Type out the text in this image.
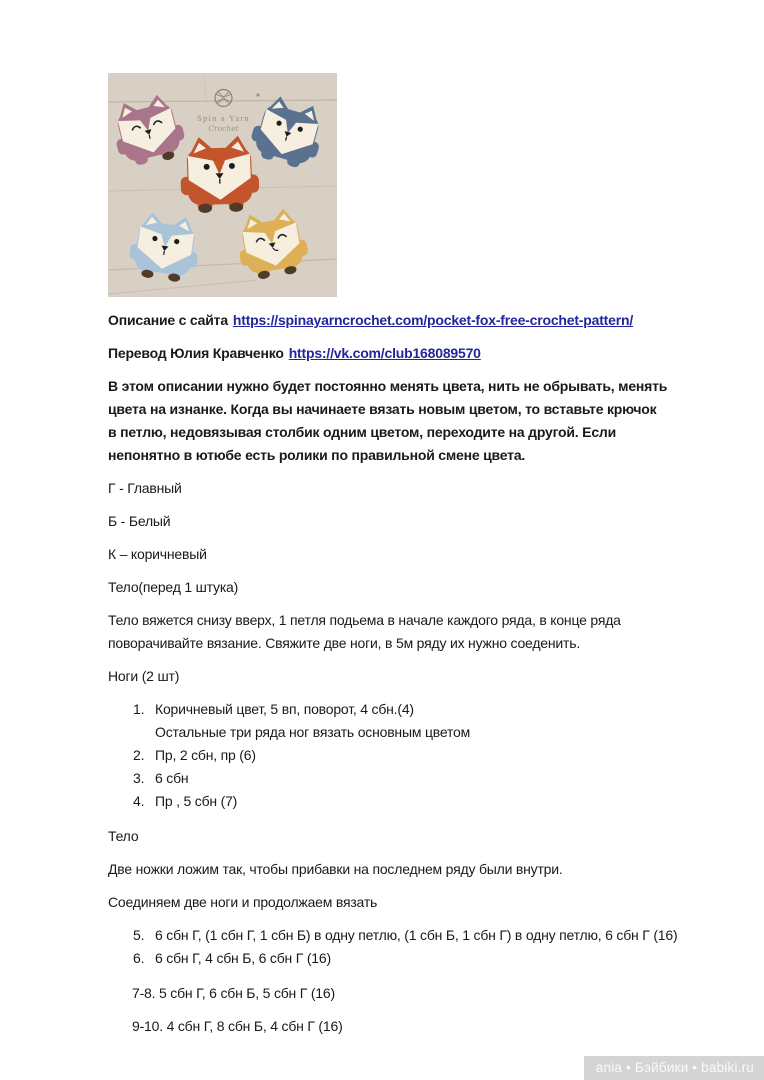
Spin a Yarn
Crochet

Описание с сайта https://spinayarncrochet.com/pocket-fox-free-crochet-pattern/

Перевод Юлия Кравченко https://vk.com/club168089570

В этом описании нужно будет постоянно менять цвета, нить не обрывать, менять цвета на изнанке. Когда вы начинаете вязать новым цветом, то вставьте крючок в петлю, недовязывая столбик одним цветом, переходите на другой. Если непонятно в ютюбе есть ролики по правильной смене цвета.

Г - Главный

Б - Белый

К – коричневый

Тело(перед 1 штука)

Тело вяжется снизу вверх, 1 петля подьема в начале каждого ряда, в конце ряда поворачивайте вязание. Свяжите две ноги, в 5м ряду их нужно соеденить.

Ноги (2 шт)

1. Коричневый цвет, 5 вп, поворот, 4 сбн.(4)
Остальные три ряда ног вязать основным цветом
2. Пр, 2 сбн, пр (6)
3. 6 сбн
4. Пр , 5 сбн (7)

Тело

Две ножки ложим так, чтобы прибавки на последнем ряду были внутри.

Соединяем две ноги и продолжаем вязать

5. 6 сбн Г, (1 сбн Г, 1 сбн Б) в одну петлю, (1 сбн Б, 1 сбн Г) в одну петлю, 6 сбн Г (16)
6. 6 сбн Г, 4 сбн Б, 6 сбн Г (16)

7-8. 5 сбн Г, 6 сбн Б, 5 сбн Г (16)

9-10. 4 сбн Г, 8 сбн Б, 4 сбн Г (16)

ania • Бэйбики • babiki.ru
